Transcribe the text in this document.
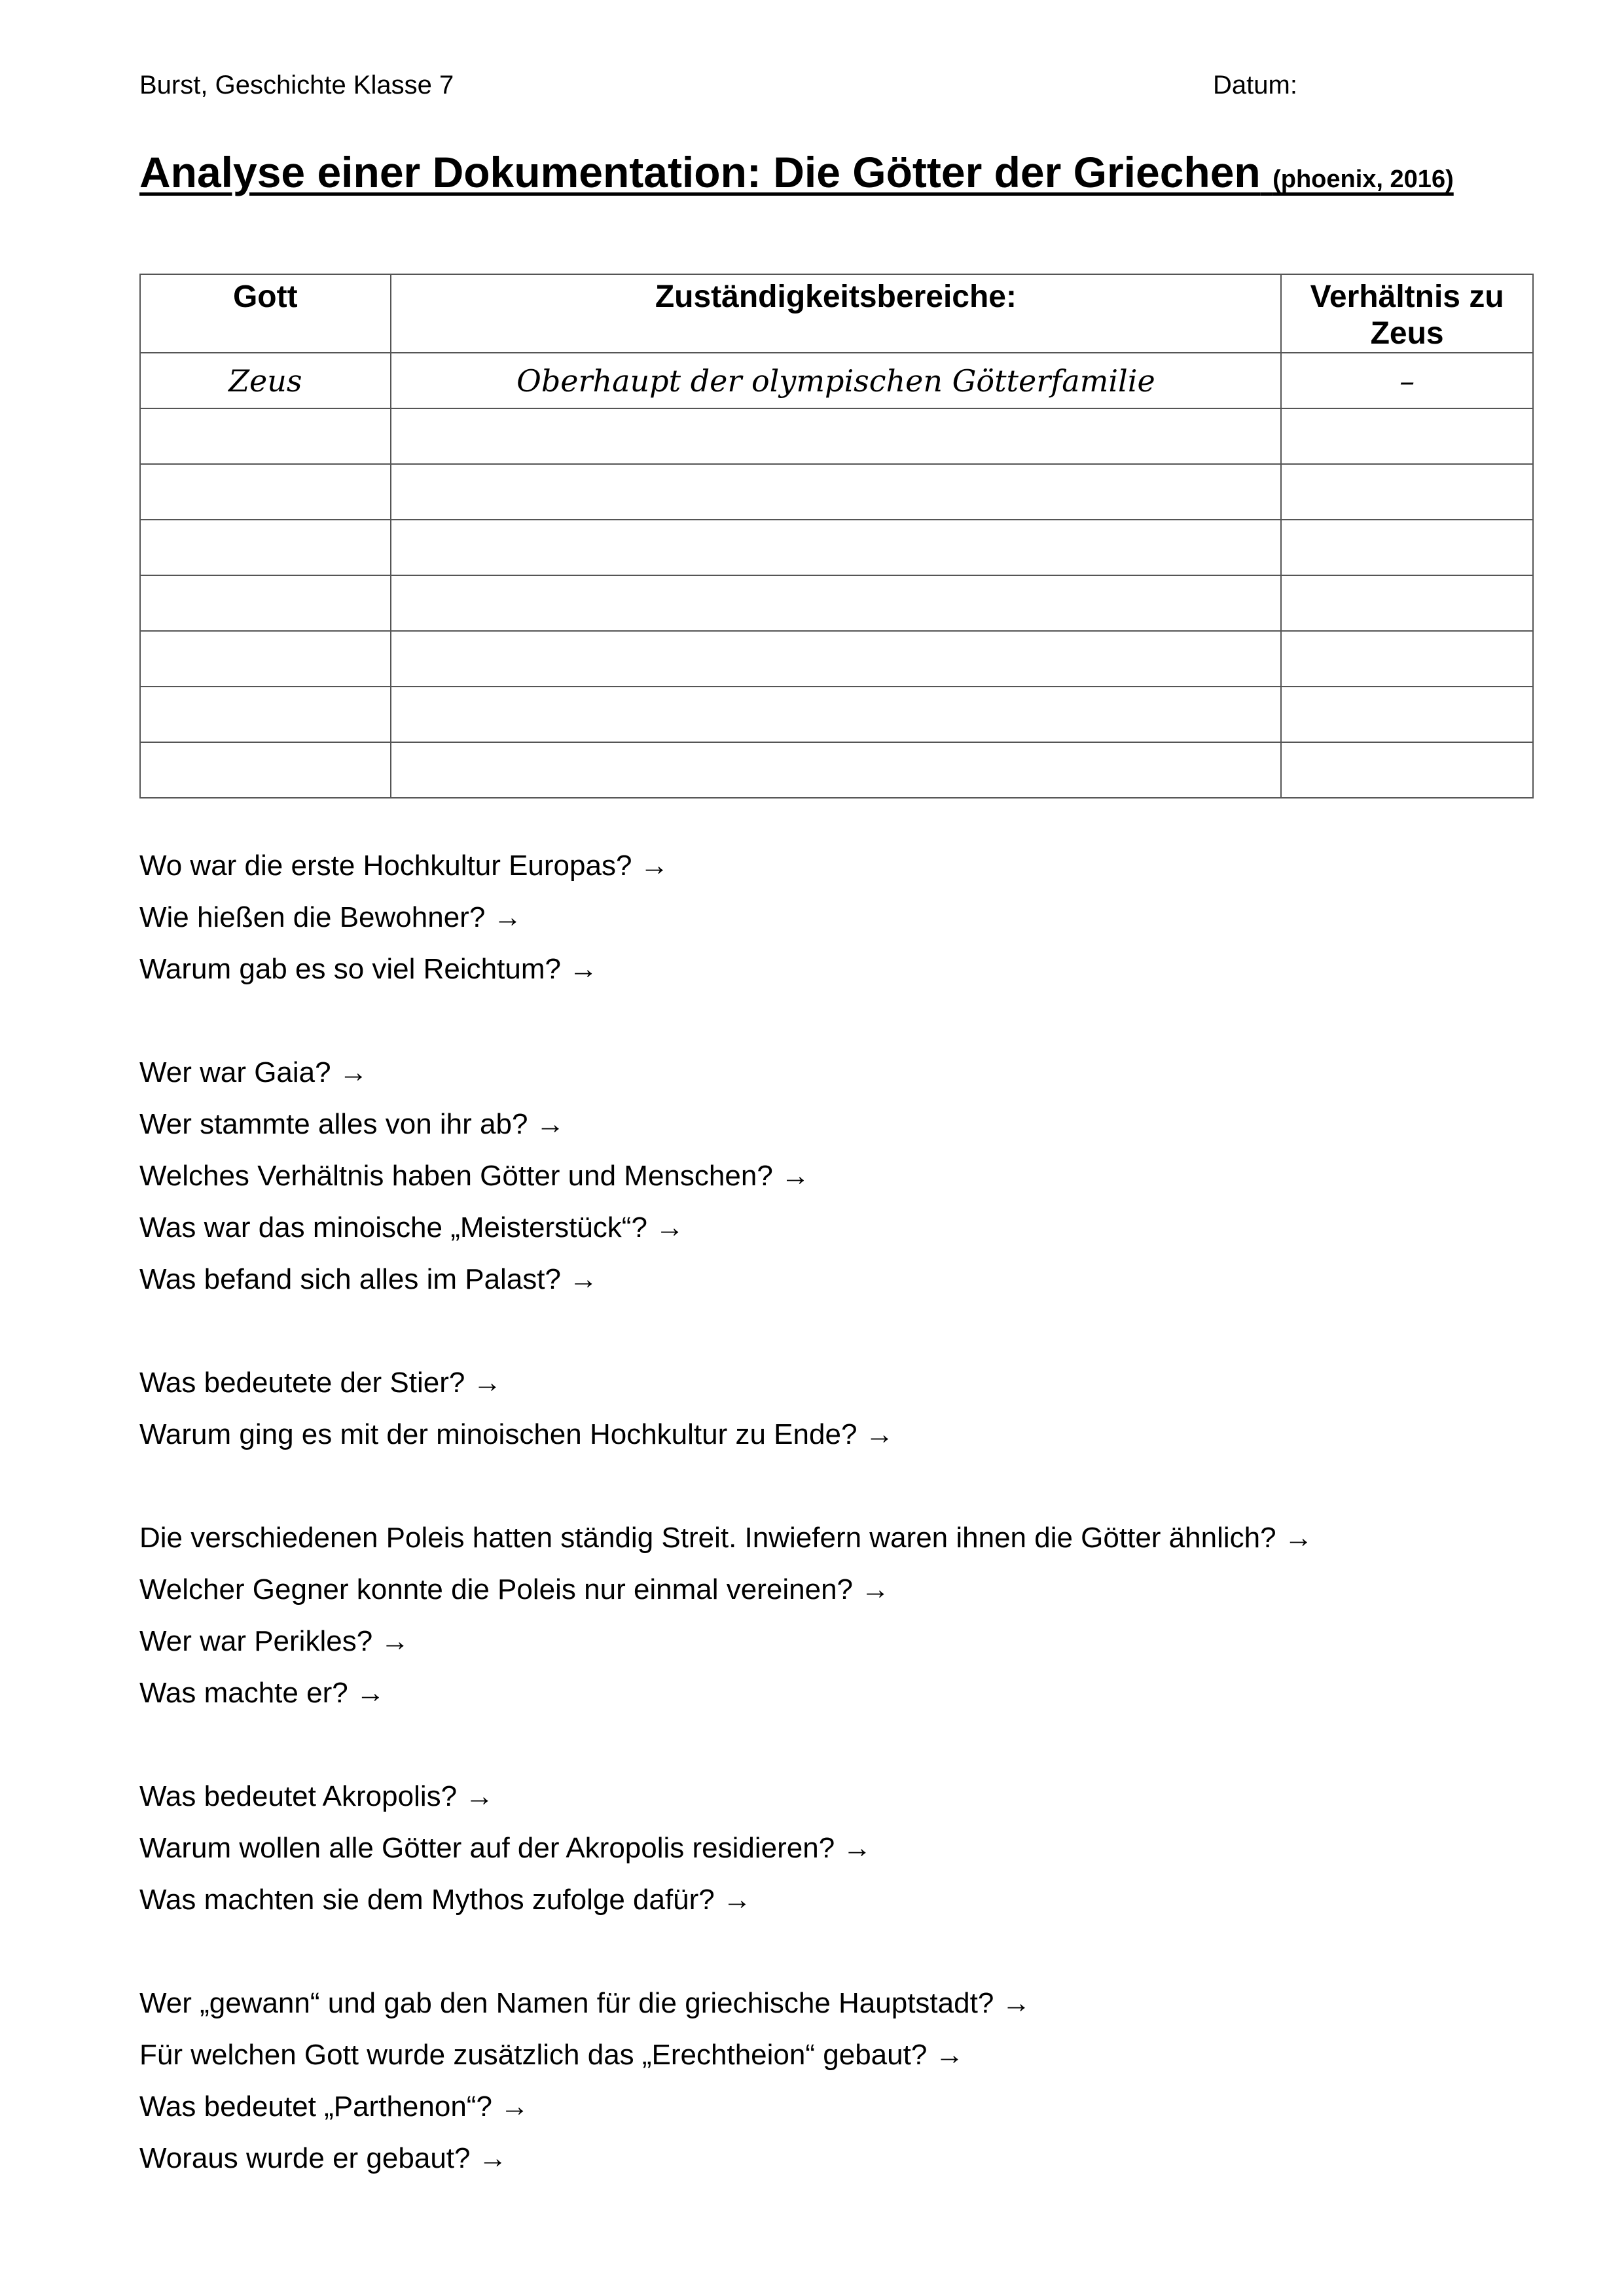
Burst, Geschichte Klasse 7	Datum:
Analyse einer Dokumentation: Die Götter der Griechen (phoenix, 2016)
Gott	Zuständigkeitsbereiche:	Verhältnis zu Zeus
Zeus	Oberhaupt der olympischen Götterfamilie	–

Wo war die erste Hochkultur Europas? →
Wie hießen die Bewohner? →
Warum gab es so viel Reichtum? →
Wer war Gaia? →
Wer stammte alles von ihr ab? →
Welches Verhältnis haben Götter und Menschen? →
Was war das minoische „Meisterstück“? →
Was befand sich alles im Palast? →
Was bedeutete der Stier? →
Warum ging es mit der minoischen Hochkultur zu Ende? →
Die verschiedenen Poleis hatten ständig Streit. Inwiefern waren ihnen die Götter ähnlich? →
Welcher Gegner konnte die Poleis nur einmal vereinen? →
Wer war Perikles? →
Was machte er? →
Was bedeutet Akropolis? →
Warum wollen alle Götter auf der Akropolis residieren? →
Was machten sie dem Mythos zufolge dafür? →
Wer „gewann“ und gab den Namen für die griechische Hauptstadt? →
Für welchen Gott wurde zusätzlich das „Erechtheion“ gebaut? →
Was bedeutet „Parthenon“? →
Woraus wurde er gebaut? →
